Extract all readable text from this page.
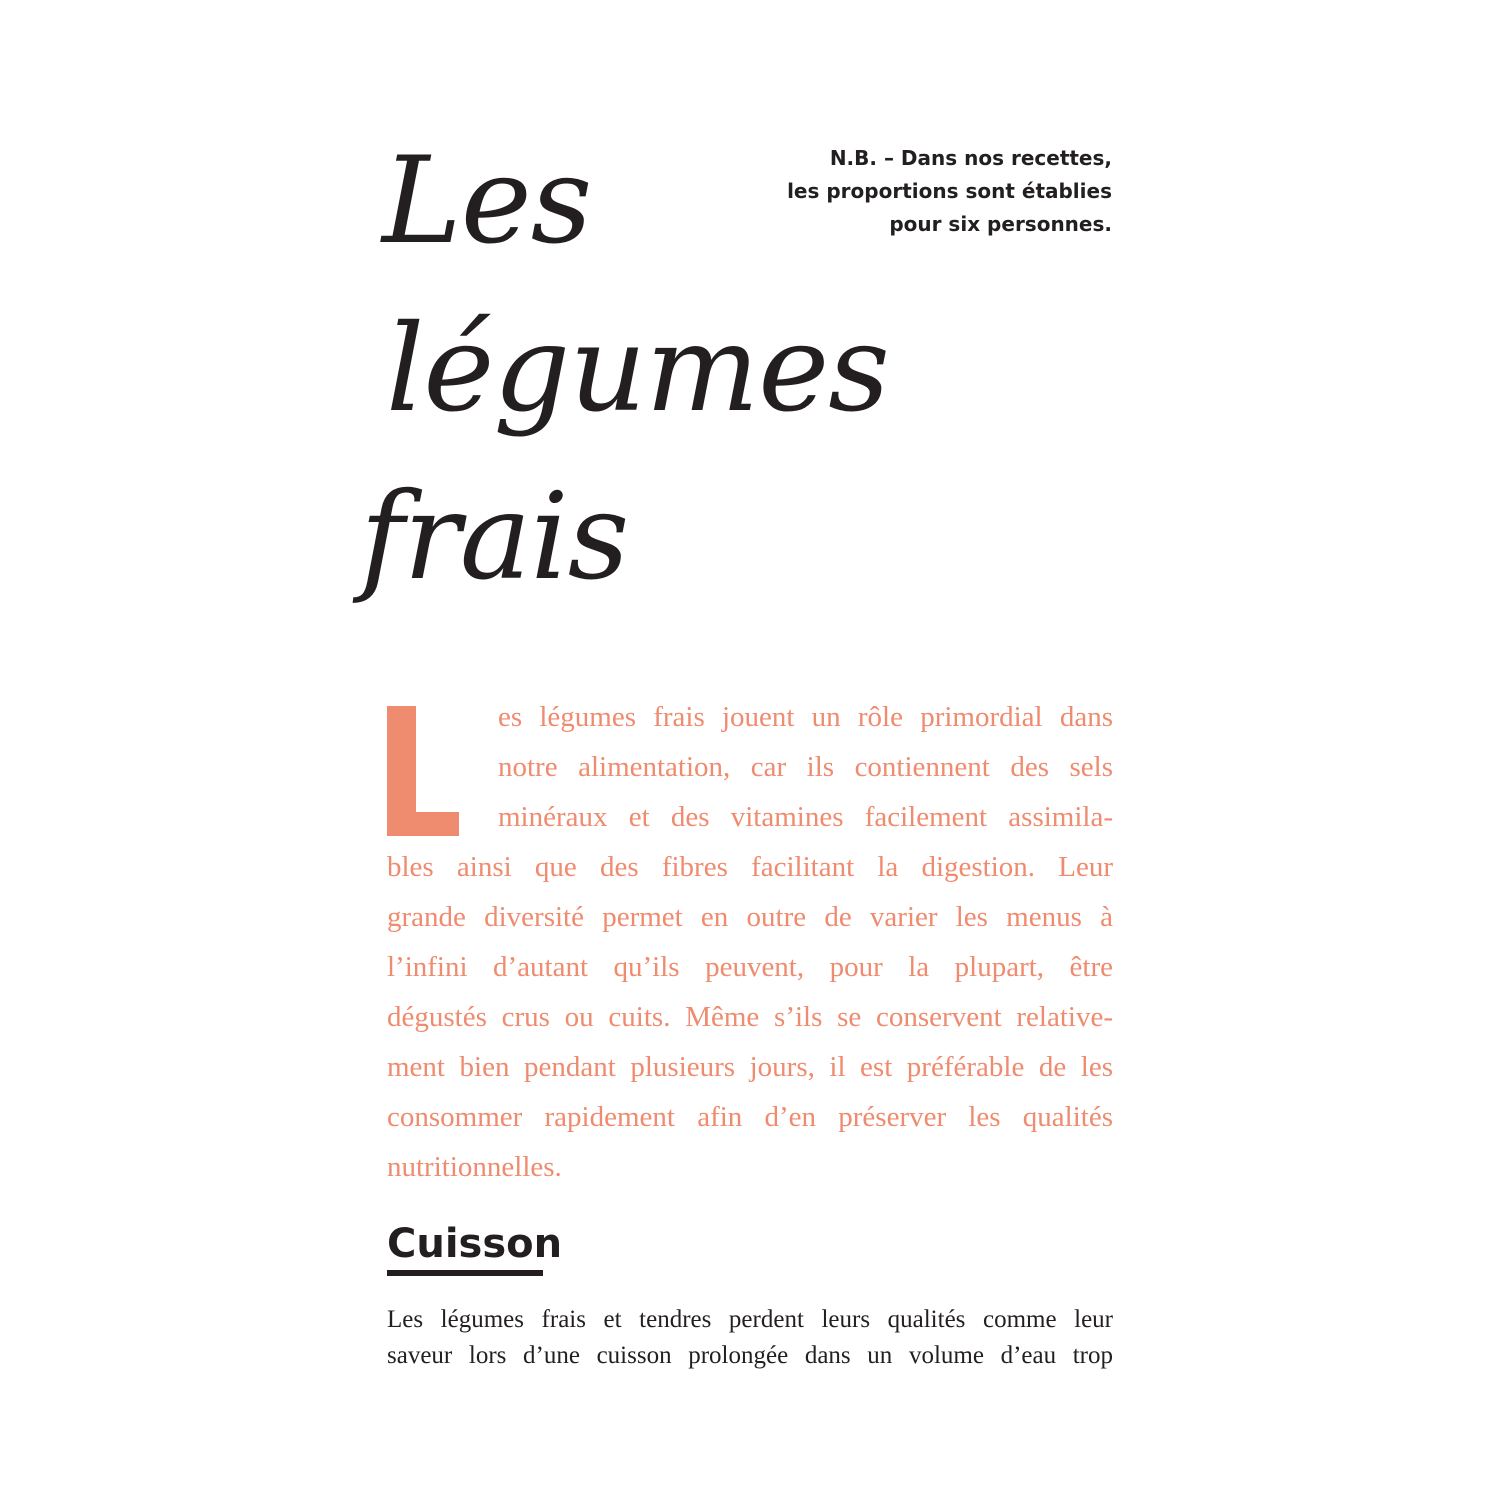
Les
légumes
frais
N.B. – Dans nos recettes,
les proportions sont établies
pour six personnes.
es légumes frais jouent un rôle primordial dans
notre alimentation, car ils contiennent des sels
minéraux et des vitamines facilement assimila-
bles ainsi que des fibres facilitant la digestion. Leur
grande diversité permet en outre de varier les menus à
l’infini d’autant qu’ils peuvent, pour la plupart, être
dégustés crus ou cuits. Même s’ils se conservent relative-
ment bien pendant plusieurs jours, il est préférable de les
consommer rapidement afin d’en préserver les qualités
nutritionnelles.
Cuisson
Les légumes frais et tendres perdent leurs qualités comme leur
saveur lors d’une cuisson prolongée dans un volume d’eau trop
